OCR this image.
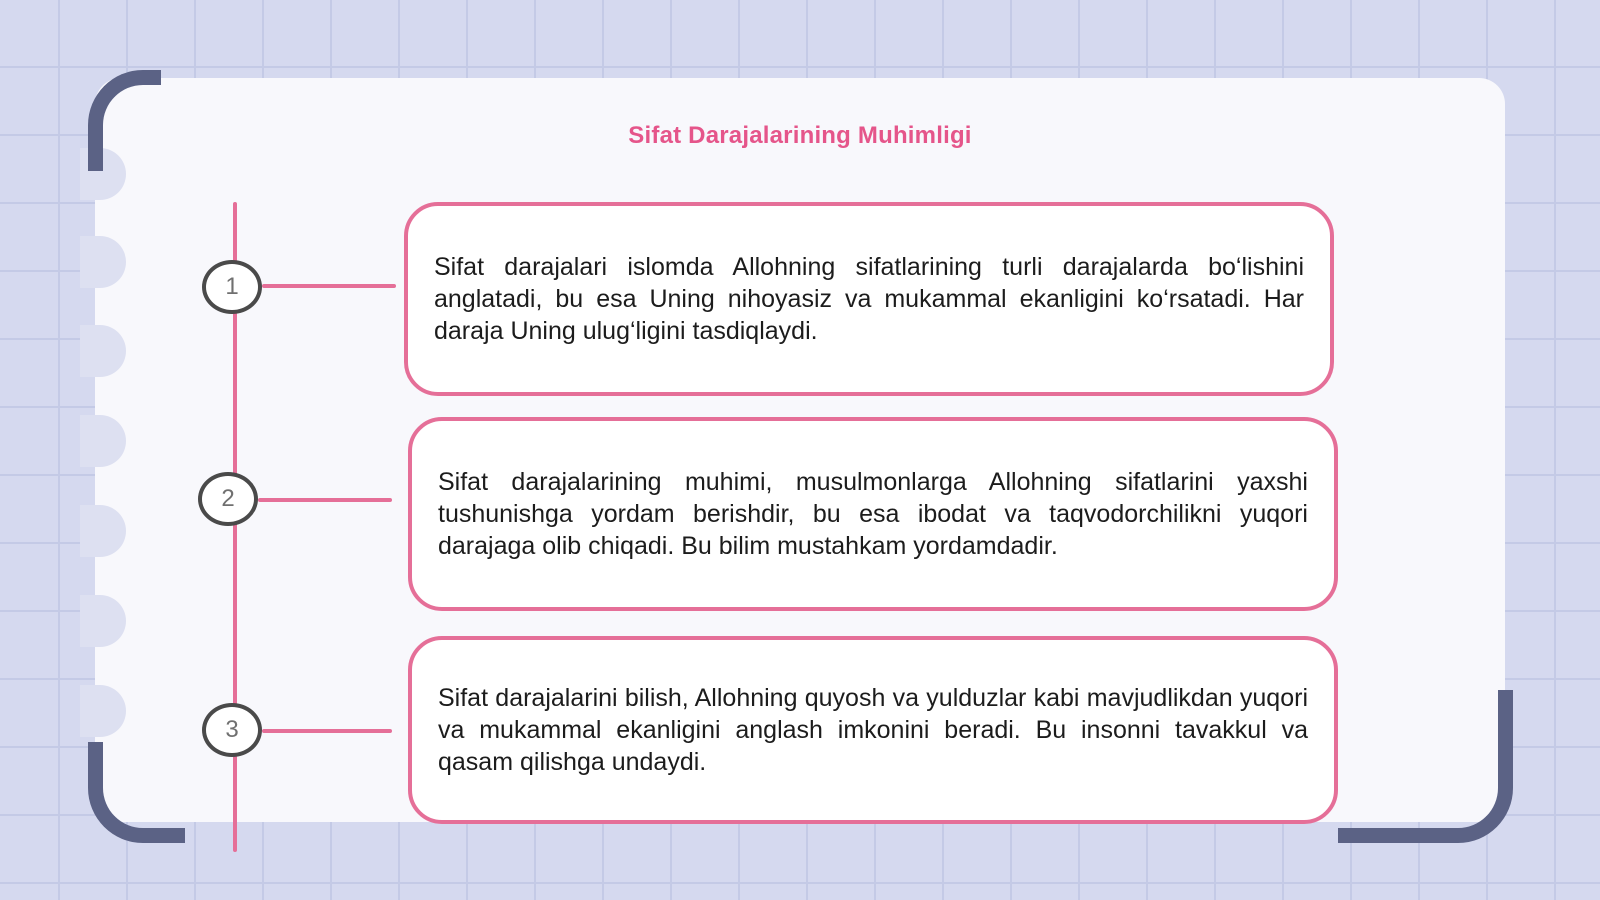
Sifat Darajalarining Muhimligi
1
2
3

Sifat darajalari islomda Allohning sifatlarining turli darajalarda bo‘lishini anglatadi, bu esa Uning nihoyasiz va mukammal ekanligini ko‘rsatadi. Har daraja Uning ulug‘ligini tasdiqlaydi.

Sifat darajalarining muhimi, musulmonlarga Allohning sifatlarini yaxshi tushunishga yordam berishdir, bu esa ibodat va taqvodorchilikni yuqori darajaga olib chiqadi. Bu bilim mustahkam yordamdadir.

Sifat darajalarini bilish, Allohning quyosh va yulduzlar kabi mavjudlikdan yuqori va mukammal ekanligini anglash imkonini beradi. Bu insonni tavakkul va qasam qilishga undaydi.
